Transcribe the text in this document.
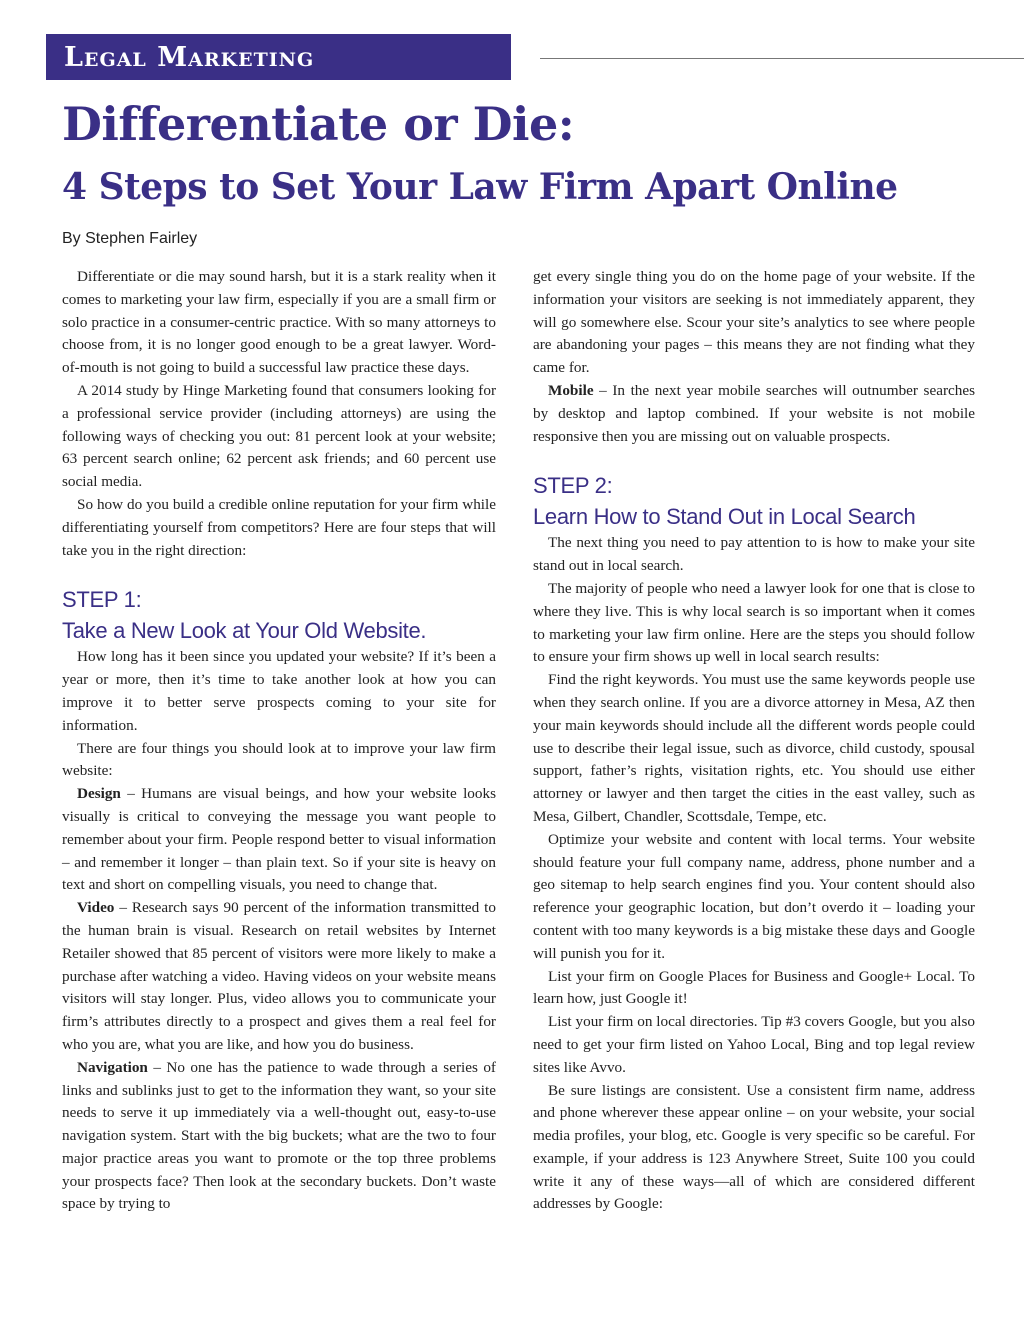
Legal Marketing
Differentiate or Die:
4 Steps to Set Your Law Firm Apart Online

By Stephen Fairley

Differentiate or die may sound harsh, but it is a stark reality when it comes to marketing your law firm, especially if you are a small firm or solo practice in a consumer-centric practice. With so many attorneys to choose from, it is no longer good enough to be a great lawyer. Word-of-mouth is not going to build a successful law practice these days.

A 2014 study by Hinge Marketing found that consumers looking for a professional service provider (including attorneys) are using the following ways of checking you out: 81 percent look at your website; 63 percent search online; 62 percent ask friends; and 60 percent use social media.

So how do you build a credible online reputation for your firm while differentiating yourself from competitors? Here are four steps that will take you in the right direction:

STEP 1:
Take a New Look at Your Old Website.

How long has it been since you updated your website? If it’s been a year or more, then it’s time to take another look at how you can improve it to better serve prospects coming to your site for information.

There are four things you should look at to improve your law firm website:

Design – Humans are visual beings, and how your website looks visually is critical to conveying the message you want people to remember about your firm. People respond better to visual information – and remember it longer – than plain text. So if your site is heavy on text and short on compelling visuals, you need to change that.

Video – Research says 90 percent of the information transmitted to the human brain is visual. Research on retail websites by Internet Retailer showed that 85 percent of visitors were more likely to make a purchase after watching a video. Having videos on your website means visitors will stay longer. Plus, video allows you to communicate your firm’s attributes directly to a prospect and gives them a real feel for who you are, what you are like, and how you do business.

Navigation – No one has the patience to wade through a series of links and sublinks just to get to the information they want, so your site needs to serve it up immediately via a well-thought out, easy-to-use navigation system. Start with the big buckets; what are the two to four major practice areas you want to promote or the top three problems your prospects face? Then look at the secondary buckets. Don’t waste space by trying to

get every single thing you do on the home page of your website. If the information your visitors are seeking is not immediately apparent, they will go somewhere else. Scour your site’s analytics to see where people are abandoning your pages – this means they are not finding what they came for.

Mobile – In the next year mobile searches will outnumber searches by desktop and laptop combined. If your website is not mobile responsive then you are missing out on valuable prospects.

STEP 2:
Learn How to Stand Out in Local Search

The next thing you need to pay attention to is how to make your site stand out in local search.

The majority of people who need a lawyer look for one that is close to where they live. This is why local search is so important when it comes to marketing your law firm online. Here are the steps you should follow to ensure your firm shows up well in local search results:

Find the right keywords. You must use the same keywords people use when they search online. If you are a divorce attorney in Mesa, AZ then your main keywords should include all the different words people could use to describe their legal issue, such as divorce, child custody, spousal support, father’s rights, visitation rights, etc. You should use either attorney or lawyer and then target the cities in the east valley, such as Mesa, Gilbert, Chandler, Scottsdale, Tempe, etc.

Optimize your website and content with local terms. Your website should feature your full company name, address, phone number and a geo sitemap to help search engines find you. Your content should also reference your geographic location, but don’t overdo it – loading your content with too many keywords is a big mistake these days and Google will punish you for it.

List your firm on Google Places for Business and Google+ Local. To learn how, just Google it!

List your firm on local directories. Tip #3 covers Google, but you also need to get your firm listed on Yahoo Local, Bing and top legal review sites like Avvo.

Be sure listings are consistent. Use a consistent firm name, address and phone wherever these appear online – on your website, your social media profiles, your blog, etc. Google is very specific so be careful. For example, if your address is 123 Anywhere Street, Suite 100 you could write it any of these ways—all of which are considered different addresses by Google:
